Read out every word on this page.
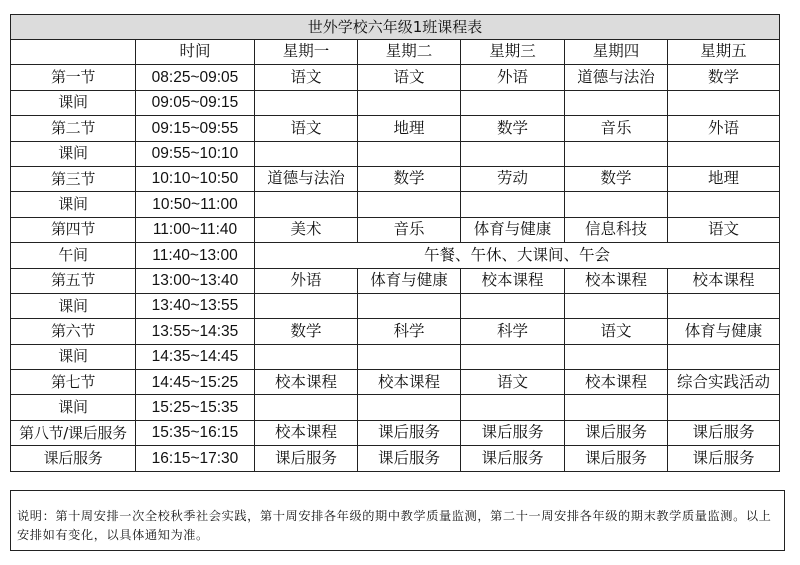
世外学校六年级1班课程表						
	时间	星期一	星期二	星期三	星期四	星期五
第一节	08:25~09:05	语文	语文	外语	道德与法治	数学
课间	09:05~09:15					
第二节	09:15~09:55	语文	地理	数学	音乐	外语
课间	09:55~10:10					
第三节	10:10~10:50	道德与法治	数学	劳动	数学	地理
课间	10:50~11:00					
第四节	11:00~11:40	美术	音乐	体育与健康	信息科技	语文
午间	11:40~13:00	午餐、午休、大课间、午会				
第五节	13:00~13:40	外语	体育与健康	校本课程	校本课程	校本课程
课间	13:40~13:55					
第六节	13:55~14:35	数学	科学	科学	语文	体育与健康
课间	14:35~14:45					
第七节	14:45~15:25	校本课程	校本课程	语文	校本课程	综合实践活动
课间	15:25~15:35					
第八节/课后服务	15:35~16:15	校本课程	课后服务	课后服务	课后服务	课后服务
课后服务	16:15~17:30	课后服务	课后服务	课后服务	课后服务	课后服务
说明：第十周安排一次全校秋季社会实践，第十周安排各年级的期中教学质量监测，第二十一周安排各年级的期末教学质量监测。以上安排如有变化，以具体通知为准。
